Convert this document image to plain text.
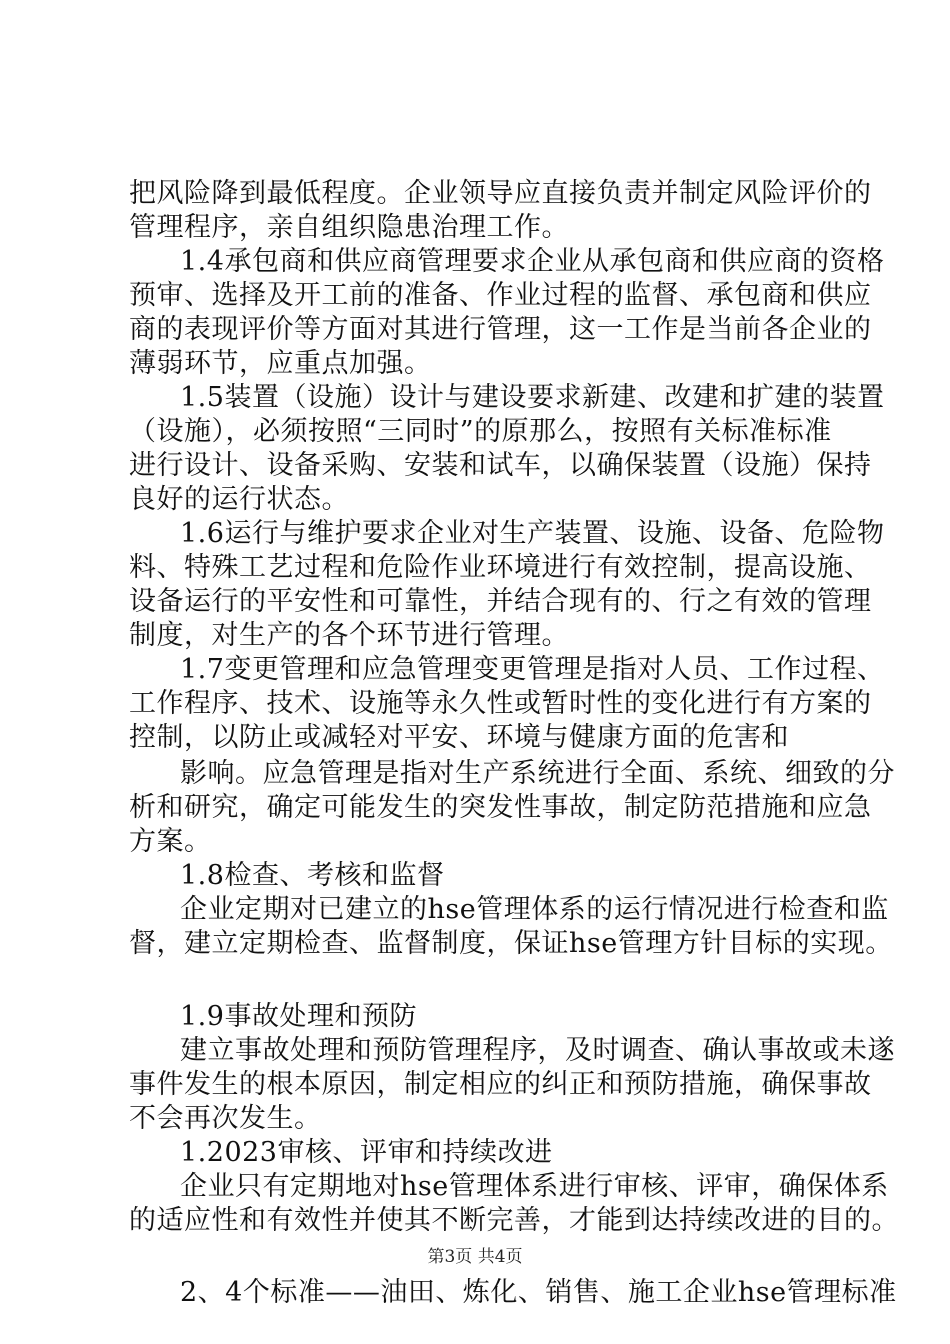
把风险降到最低程度。企业领导应直接负责并制定风险评价的
管理程序，亲自组织隐患治理工作。
1.4承包商和供应商管理要求企业从承包商和供应商的资格
预审、选择及开工前的准备、作业过程的监督、承包商和供应
商的表现评价等方面对其进行管理，这一工作是当前各企业的
薄弱环节，应重点加强。
1.5装置（设施）设计与建设要求新建、改建和扩建的装置
（设施），必须按照“三同时”的原那么，按照有关标准标准
进行设计、设备采购、安装和试车，以确保装置（设施）保持
良好的运行状态。
1.6运行与维护要求企业对生产装置、设施、设备、危险物
料、特殊工艺过程和危险作业环境进行有效控制，提高设施、
设备运行的平安性和可靠性，并结合现有的、行之有效的管理
制度，对生产的各个环节进行管理。
1.7变更管理和应急管理变更管理是指对人员、工作过程、
工作程序、技术、设施等永久性或暂时性的变化进行有方案的
控制，以防止或减轻对平安、环境与健康方面的危害和
影响。应急管理是指对生产系统进行全面、系统、细致的分
析和研究，确定可能发生的突发性事故，制定防范措施和应急
方案。
1.8检查、考核和监督
企业定期对已建立的hse管理体系的运行情况进行检查和监
督，建立定期检查、监督制度，保证hse管理方针目标的实现。
1.9事故处理和预防
建立事故处理和预防管理程序，及时调查、确认事故或未遂
事件发生的根本原因，制定相应的纠正和预防措施，确保事故
不会再次发生。
1.2023审核、评审和持续改进
企业只有定期地对hse管理体系进行审核、评审，确保体系
的适应性和有效性并使其不断完善，才能到达持续改进的目的。
2、4个标准——油田、炼化、销售、施工企业hse管理标准
第3页 共4页
